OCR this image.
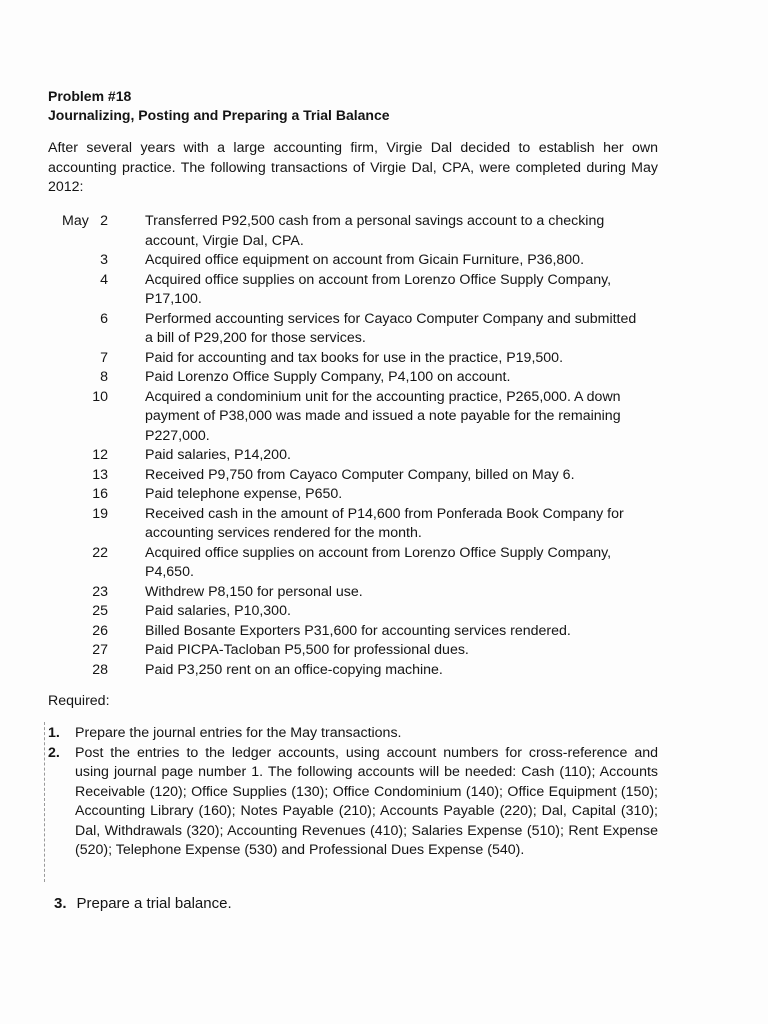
Problem #18
Journalizing, Posting and Preparing a Trial Balance
After several years with a large accounting firm, Virgie Dal decided to establish her own accounting practice. The following transactions of Virgie Dal, CPA, were completed during May 2012:
May 2	Transferred P92,500 cash from a personal savings account to a checking account, Virgie Dal, CPA.
3	Acquired office equipment on account from Gicain Furniture, P36,800.
4	Acquired office supplies on account from Lorenzo Office Supply Company, P17,100.
6	Performed accounting services for Cayaco Computer Company and submitted a bill of P29,200 for those services.
7	Paid for accounting and tax books for use in the practice, P19,500.
8	Paid Lorenzo Office Supply Company, P4,100 on account.
10	Acquired a condominium unit for the accounting practice, P265,000. A down payment of P38,000 was made and issued a note payable for the remaining P227,000.
12	Paid salaries, P14,200.
13	Received P9,750 from Cayaco Computer Company, billed on May 6.
16	Paid telephone expense, P650.
19	Received cash in the amount of P14,600 from Ponferada Book Company for accounting services rendered for the month.
22	Acquired office supplies on account from Lorenzo Office Supply Company, P4,650.
23	Withdrew P8,150 for personal use.
25	Paid salaries, P10,300.
26	Billed Bosante Exporters P31,600 for accounting services rendered.
27	Paid PICPA-Tacloban P5,500 for professional dues.
28	Paid P3,250 rent on an office-copying machine.
Required:
1. Prepare the journal entries for the May transactions.
2. Post the entries to the ledger accounts, using account numbers for cross-reference and using journal page number 1. The following accounts will be needed: Cash (110); Accounts Receivable (120); Office Supplies (130); Office Condominium (140); Office Equipment (150); Accounting Library (160); Notes Payable (210); Accounts Payable (220); Dal, Capital (310); Dal, Withdrawals (320); Accounting Revenues (410); Salaries Expense (510); Rent Expense (520); Telephone Expense (530) and Professional Dues Expense (540).
3. Prepare a trial balance.
